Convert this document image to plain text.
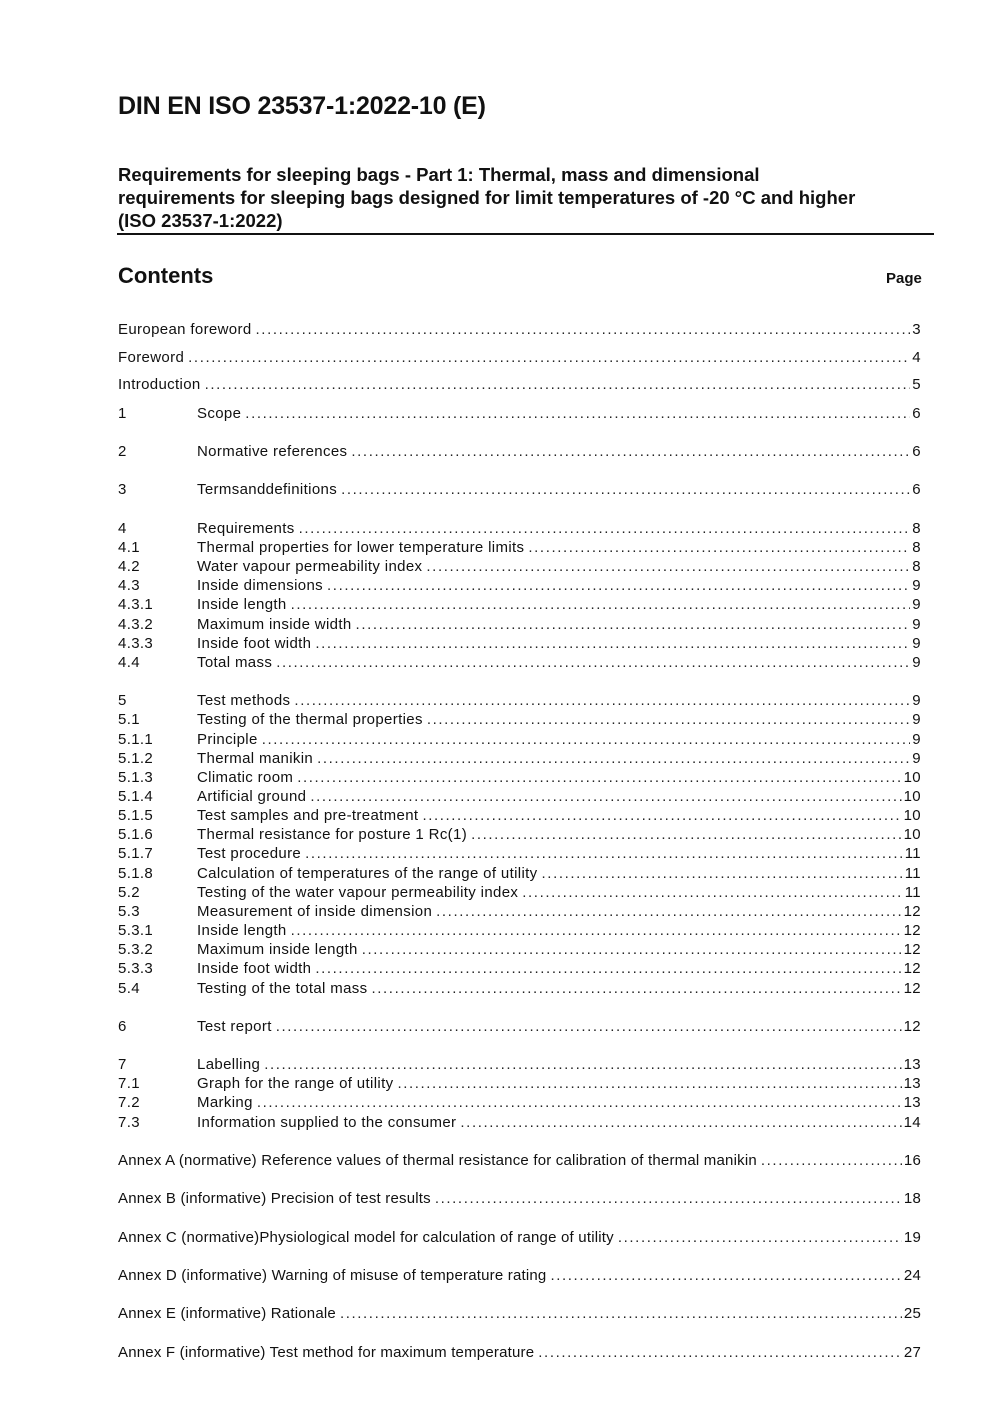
DIN EN ISO 23537-1:2022-10 (E)
Requirements for sleeping bags - Part 1: Thermal, mass and dimensional
requirements for sleeping bags designed for limit temperatures of -20 °C and higher
(ISO 23537-1:2022)
Contents	Page
European foreword .....	3
Foreword .....	4
Introduction .....	5
1	Scope .....	6
2	Normative references .....	6
3	Termsanddefinitions .....	6
4	Requirements .....	8
4.1	Thermal properties for lower temperature limits .....	8
4.2	Water vapour permeability index .....	8
4.3	Inside dimensions .....	9
4.3.1	Inside length .....	9
4.3.2	Maximum inside width .....	9
4.3.3	Inside foot width .....	9
4.4	Total mass .....	9
5	Test methods .....	9
5.1	Testing of the thermal properties .....	9
5.1.1	Principle .....	9
5.1.2	Thermal manikin .....	9
5.1.3	Climatic room .....	10
5.1.4	Artificial ground .....	10
5.1.5	Test samples and pre-treatment .....	10
5.1.6	Thermal resistance for posture 1 Rc(1) .....	10
5.1.7	Test procedure .....	11
5.1.8	Calculation of temperatures of the range of utility .....	11
5.2	Testing of the water vapour permeability index .....	11
5.3	Measurement of inside dimension .....	12
5.3.1	Inside length .....	12
5.3.2	Maximum inside length .....	12
5.3.3	Inside foot width .....	12
5.4	Testing of the total mass .....	12
6	Test report .....	12
7	Labelling .....	13
7.1	Graph for the range of utility .....	13
7.2	Marking .....	13
7.3	Information supplied to the consumer .....	14
Annex A (normative) Reference values of thermal resistance for calibration of thermal manikin .....	16
Annex B (informative) Precision of test results .....	18
Annex C (normative)Physiological model for calculation of range of utility .....	19
Annex D (informative) Warning of misuse of temperature rating .....	24
Annex E (informative) Rationale .....	25
Annex F (informative) Test method for maximum temperature .....	27
